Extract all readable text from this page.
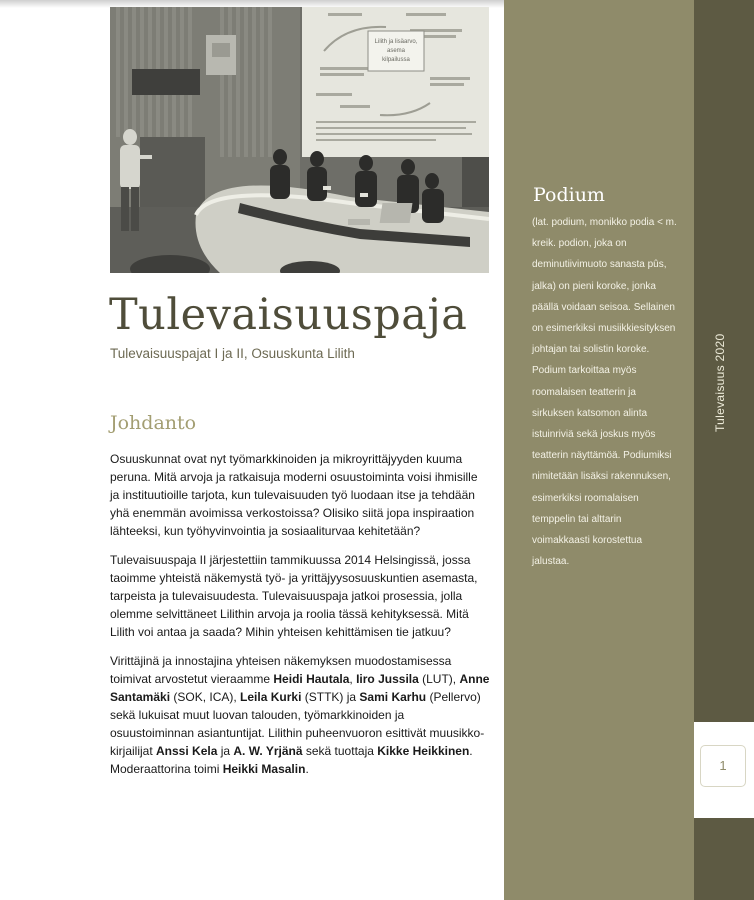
Lilith ja lisäarvo,
asema
kilpailussa
Tulevaisuuspaja
Tulevaisuuspajat I ja II, Osuuskunta Lilith
Johdanto

Osuuskunnat ovat nyt työmarkkinoiden ja mikroyrittäjyyden kuuma peruna. Mitä arvoja ja ratkaisuja moderni osuustoiminta voisi ihmisille ja instituutioille tarjota, kun tulevaisuuden työ luodaan itse ja tehdään yhä enemmän avoimissa verkostoissa? Olisiko siitä jopa inspiraation lähteeksi, kun työhyvinvointia ja sosiaaliturvaa kehitetään?

Tulevaisuuspaja II järjestettiin tammikuussa 2014 Helsingissä, jossa taoimme yhteistä näkemystä työ- ja yrittäjyysosuuskuntien asemasta, tarpeista ja tulevaisuudesta. Tulevaisuuspaja jatkoi prosessia, jolla olemme selvittäneet Lilithin arvoja ja roolia tässä kehityksessä. Mitä Lilith voi antaa ja saada? Mihin yhteisen kehittämisen tie jatkuu?

Virittäjinä ja innostajina yhteisen näkemyksen muodostamisessa toimivat arvostetut vieraamme Heidi Hautala, Iiro Jussila (LUT), Anne Santamäki (SOK, ICA), Leila Kurki (STTK) ja Sami Karhu (Pellervo) sekä lukuisat muut luovan talouden, työmarkkinoiden ja osuustoiminnan asiantuntijat. Lilithin puheenvuoron esittivät muusikko-kirjailijat Anssi Kela ja A. W. Yrjänä sekä tuottaja Kikke Heikkinen. Moderaattorina toimi Heikki Masalin.

Podium
(lat. podium, monikko podia < m. kreik. podion, joka on deminutiivimuoto sanasta pûs, jalka) on pieni koroke, jonka päällä voidaan seisoa. Sellainen on esimerkiksi musiikkiesityksen johtajan tai solistin koroke. Podium tarkoittaa myös roomalaisen teatterin ja sirkuksen katsomon alinta istuinriviä sekä joskus myös teatterin näyttämöä. Podiumiksi nimitetään lisäksi rakennuksen, esimerkiksi roomalaisen temppelin tai alttarin voimakkaasti korostettua jalustaa.
Tulevaisuus 2020
1
